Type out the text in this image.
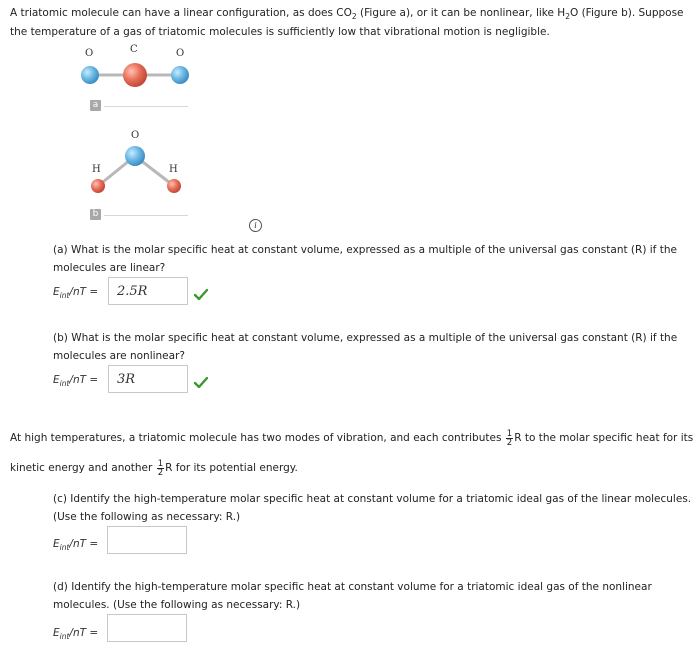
A triatomic molecule can have a linear configuration, as does $CO_2$ (Figure a), or it can be nonlinear, like $H_2O$ (Figure b). Suppose
the temperature of a gas of triatomic molecules is sufficiently low that vibrational motion is negligible.
O	C	O
a
O
H	H
b
i
(a) What is the molar specific heat at constant volume, expressed as a multiple of the universal gas constant (R) if the
molecules are linear?
$E_{int}/nT$ =
2.5R
(b) What is the molar specific heat at constant volume, expressed as a multiple of the universal gas constant (R) if the
molecules are nonlinear?
$E_{int}/nT$ =
3R
At high temperatures, a triatomic molecule has two modes of vibration, and each contributes $\frac{1}{2}$ R to the molar specific heat for its
kinetic energy and another $\frac{1}{2}$ R for its potential energy.
(c) Identify the high-temperature molar specific heat at constant volume for a triatomic ideal gas of the linear molecules.
(Use the following as necessary: R.)
$E_{int}/nT$ =
(d) Identify the high-temperature molar specific heat at constant volume for a triatomic ideal gas of the nonlinear
molecules. (Use the following as necessary: R.)
$E_{int}/nT$ =
